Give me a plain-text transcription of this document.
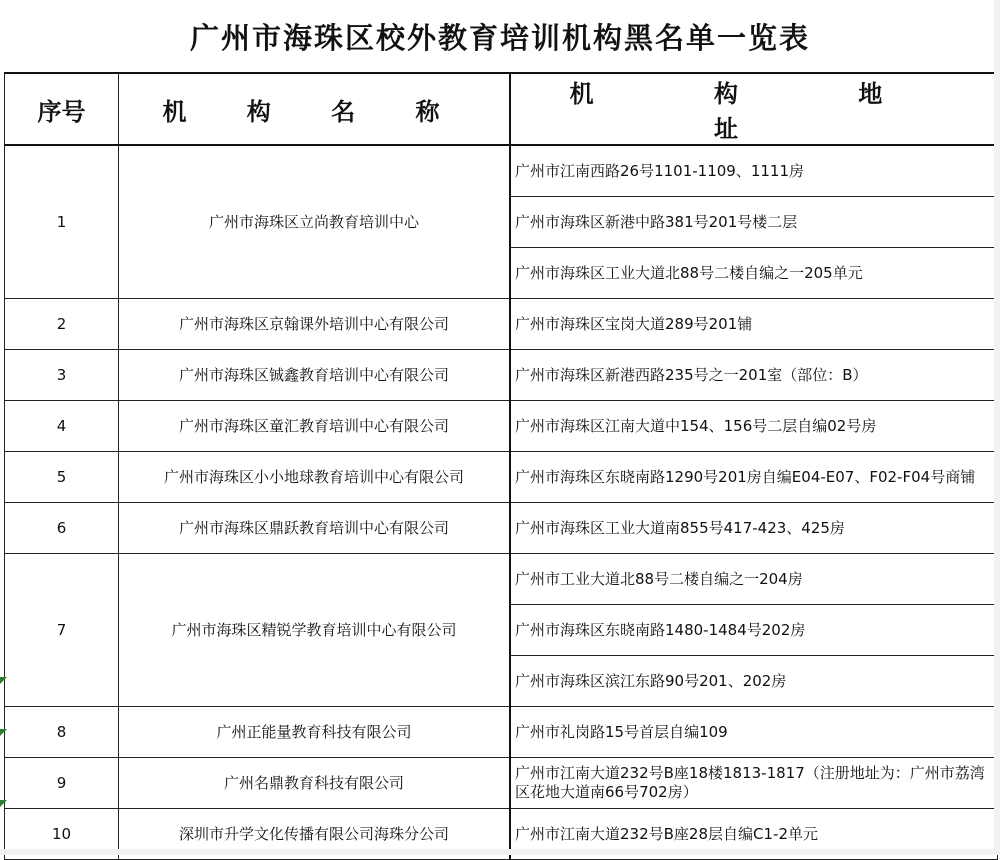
广州市海珠区校外教育培训机构黑名单一览表
序号	机 构 名 称	机 构 地 址
1	广州市海珠区立尚教育培训中心	广州市江南西路26号1101-1109、1111房
		广州市海珠区新港中路381号201号楼二层
		广州市海珠区工业大道北88号二楼自编之一205单元
2	广州市海珠区京翰课外培训中心有限公司	广州市海珠区宝岗大道289号201铺
3	广州市海珠区铖鑫教育培训中心有限公司	广州市海珠区新港西路235号之一201室（部位：B）
4	广州市海珠区童汇教育培训中心有限公司	广州市海珠区江南大道中154、156号二层自编02号房
5	广州市海珠区小小地球教育培训中心有限公司	广州市海珠区东晓南路1290号201房自编E04-E07、F02-F04号商铺
6	广州市海珠区鼎跃教育培训中心有限公司	广州市海珠区工业大道南855号417-423、425房
7	广州市海珠区精锐学教育培训中心有限公司	广州市工业大道北88号二楼自编之一204房
		广州市海珠区东晓南路1480-1484号202房
		广州市海珠区滨江东路90号201、202房
8	广州正能量教育科技有限公司	广州市礼岗路15号首层自编109
9	广州名鼎教育科技有限公司	广州市江南大道232号B座18楼1813-1817（注册地址为：广州市荔湾区花地大道南66号702房）
10	深圳市升学文化传播有限公司海珠分公司	广州市江南大道232号B座28层自编C1-2单元
